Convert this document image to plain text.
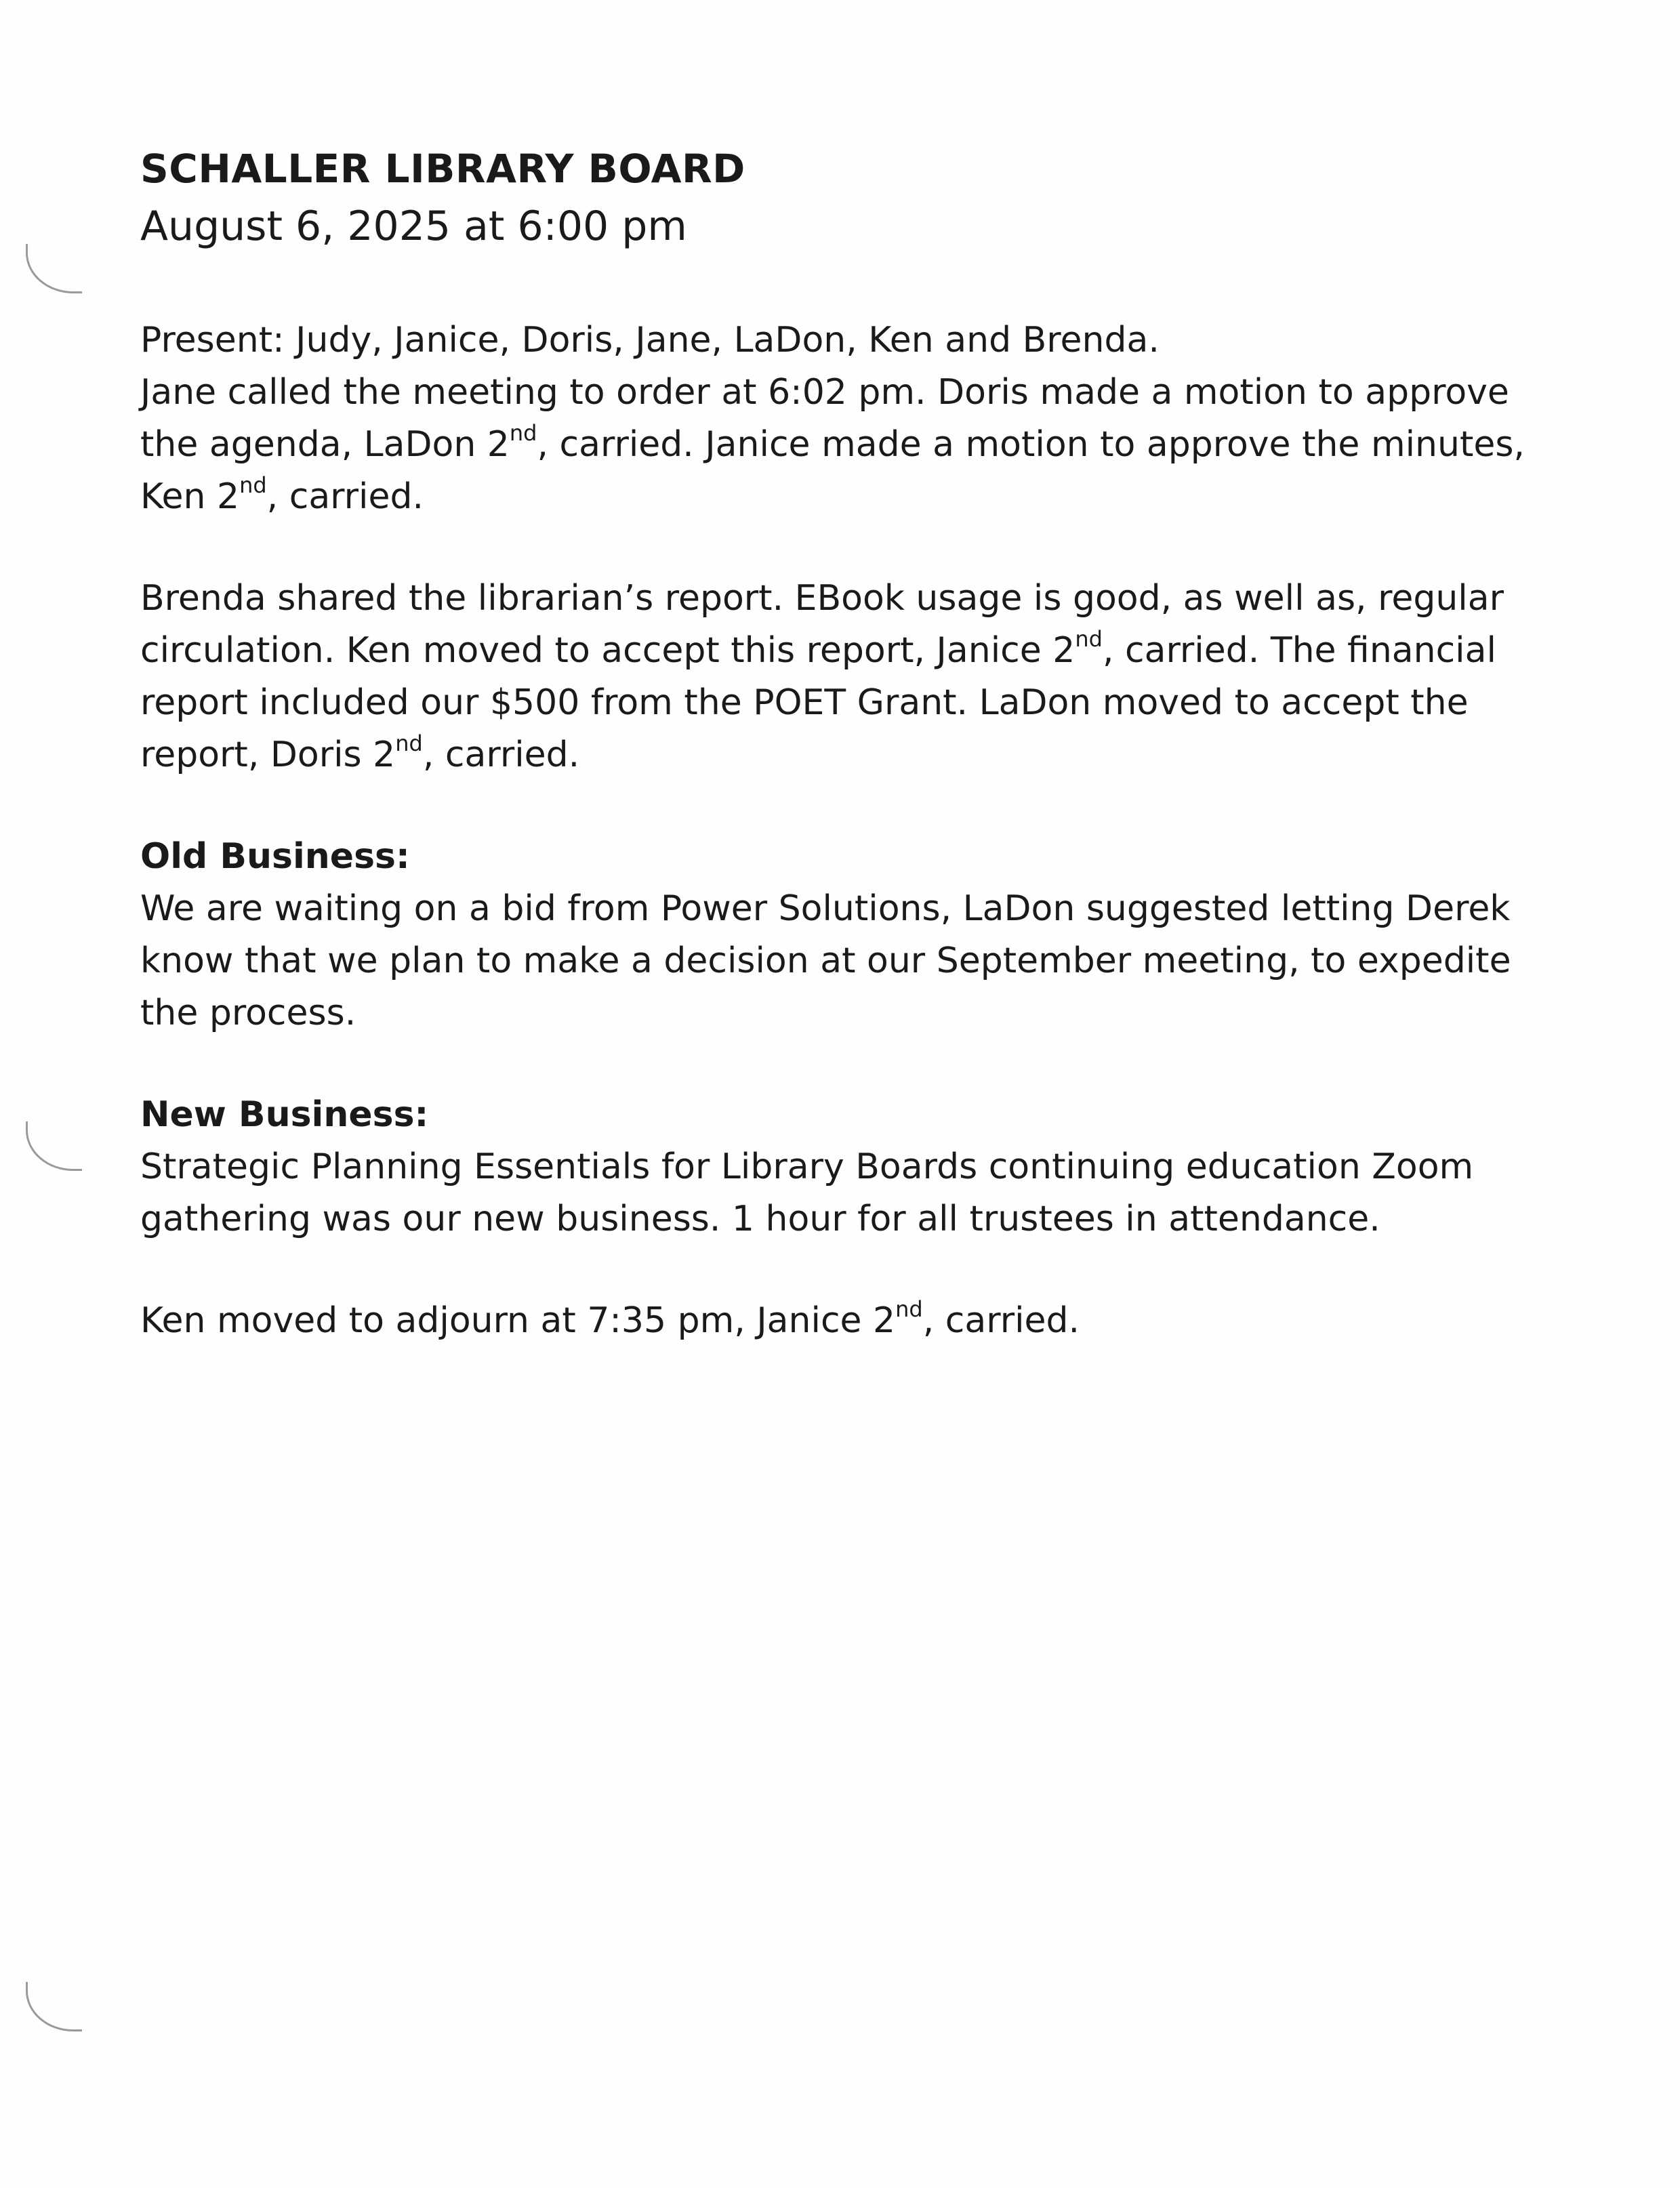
SCHALLER LIBRARY BOARD

August 6, 2025 at 6:00 pm

Present: Judy, Janice, Doris, Jane, LaDon, Ken and Brenda.

Jane called the meeting to order at 6:02 pm. Doris made a motion to approve the agenda, LaDon 2nd, carried. Janice made a motion to approve the minutes, Ken 2nd, carried.

Brenda shared the librarian’s report. EBook usage is good, as well as, regular circulation. Ken moved to accept this report, Janice 2nd, carried. The financial report included our $500 from the POET Grant. LaDon moved to accept the report, Doris 2nd, carried.

Old Business:

We are waiting on a bid from Power Solutions, LaDon suggested letting Derek know that we plan to make a decision at our September meeting, to expedite the process.

New Business:

Strategic Planning Essentials for Library Boards continuing education Zoom gathering was our new business. 1 hour for all trustees in attendance.

Ken moved to adjourn at 7:35 pm, Janice 2nd, carried.
